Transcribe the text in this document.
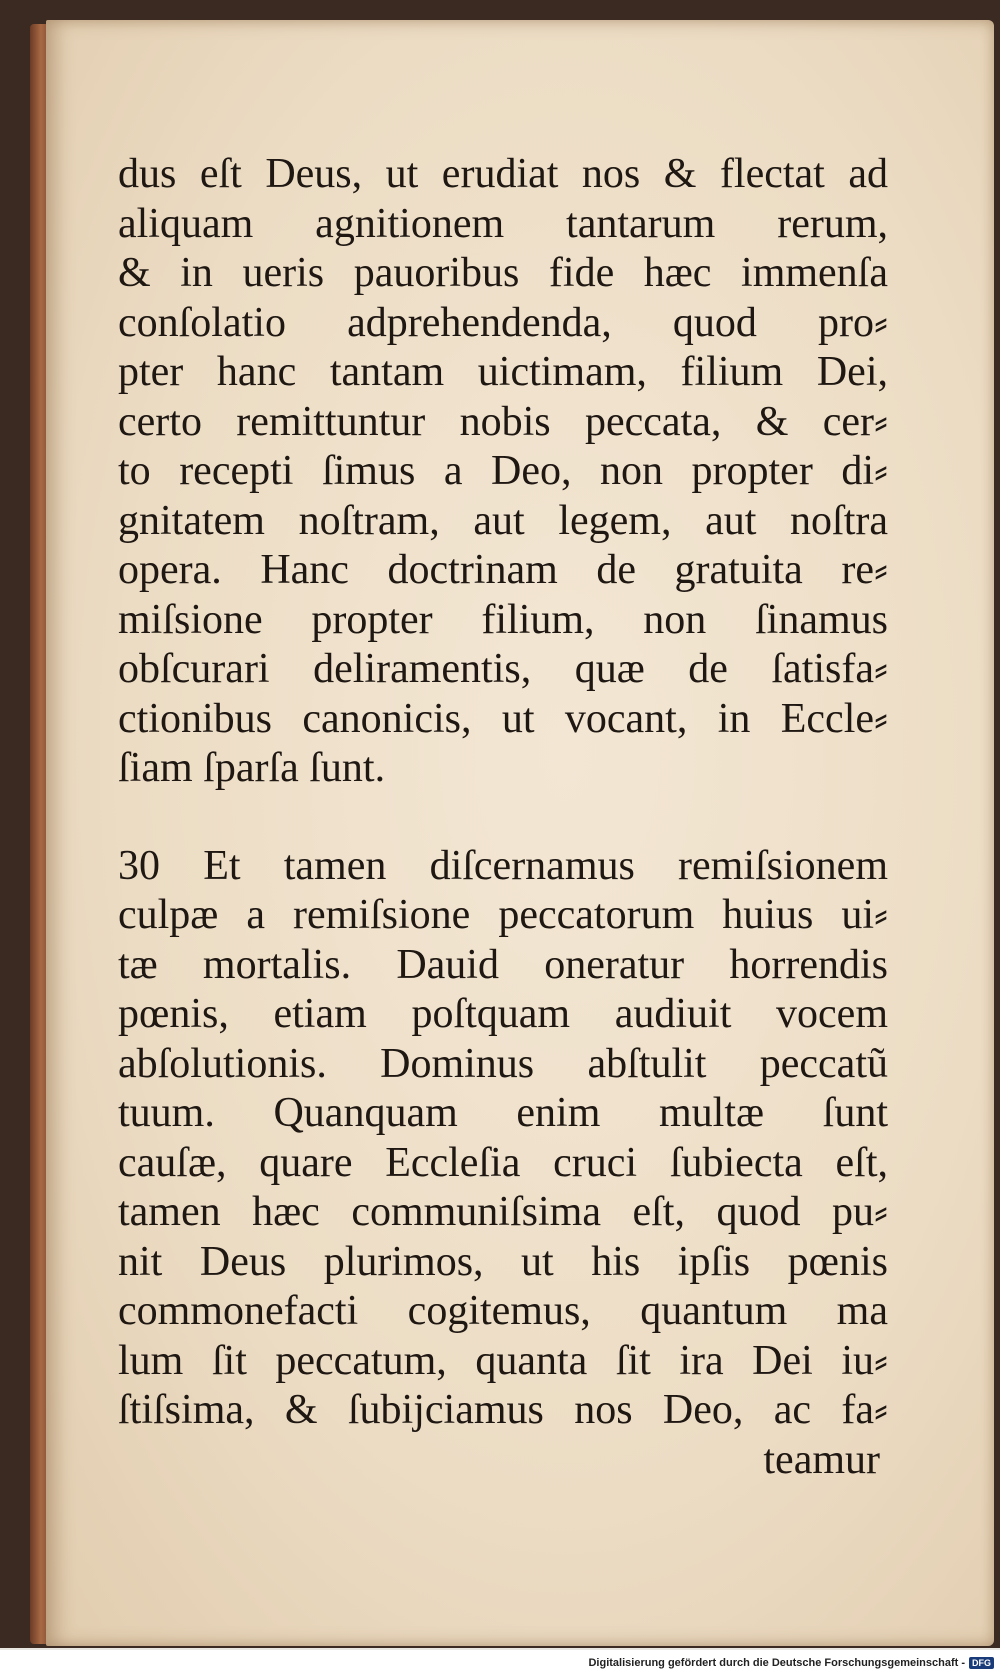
dus eſt Deus, ut erudiat nos & flectat ad
aliquam agnitionem tantarum rerum,
& in ueris pauoribus fide hæc immenſa
conſolatio adprehendenda, quod pro⸗
pter hanc tantam uictimam, filium Dei,
certo remittuntur nobis peccata, & cer⸗
to recepti ſimus a Deo, non propter di⸗
gnitatem noſtram, aut legem, aut noſtra
opera. Hanc doctrinam de gratuita re⸗
miſsione propter filium, non ſinamus
obſcurari deliramentis, quæ de ſatisfa⸗
ctionibus canonicis, ut vocant, in Eccle⸗
ſiam ſparſa ſunt.
30 Et tamen diſcernamus remiſsionem
culpæ a remiſsione peccatorum huius ui⸗
tæ mortalis. Dauid oneratur horrendis
pœnis, etiam poſtquam audiuit vocem
abſolutionis. Dominus abſtulit peccatũ
tuum. Quanquam enim multæ ſunt
cauſæ, quare Eccleſia cruci ſubiecta eſt,
tamen hæc communiſsima eſt, quod pu⸗
nit Deus plurimos, ut his ipſis pœnis
commonefacti cogitemus, quantum ma
lum ſit peccatum, quanta ſit ira Dei iu⸗
ſtiſsima, & ſubijciamus nos Deo, ac fa⸗
teamur
Digitalisierung gefördert durch die Deutsche Forschungsgemeinschaft - DFG
